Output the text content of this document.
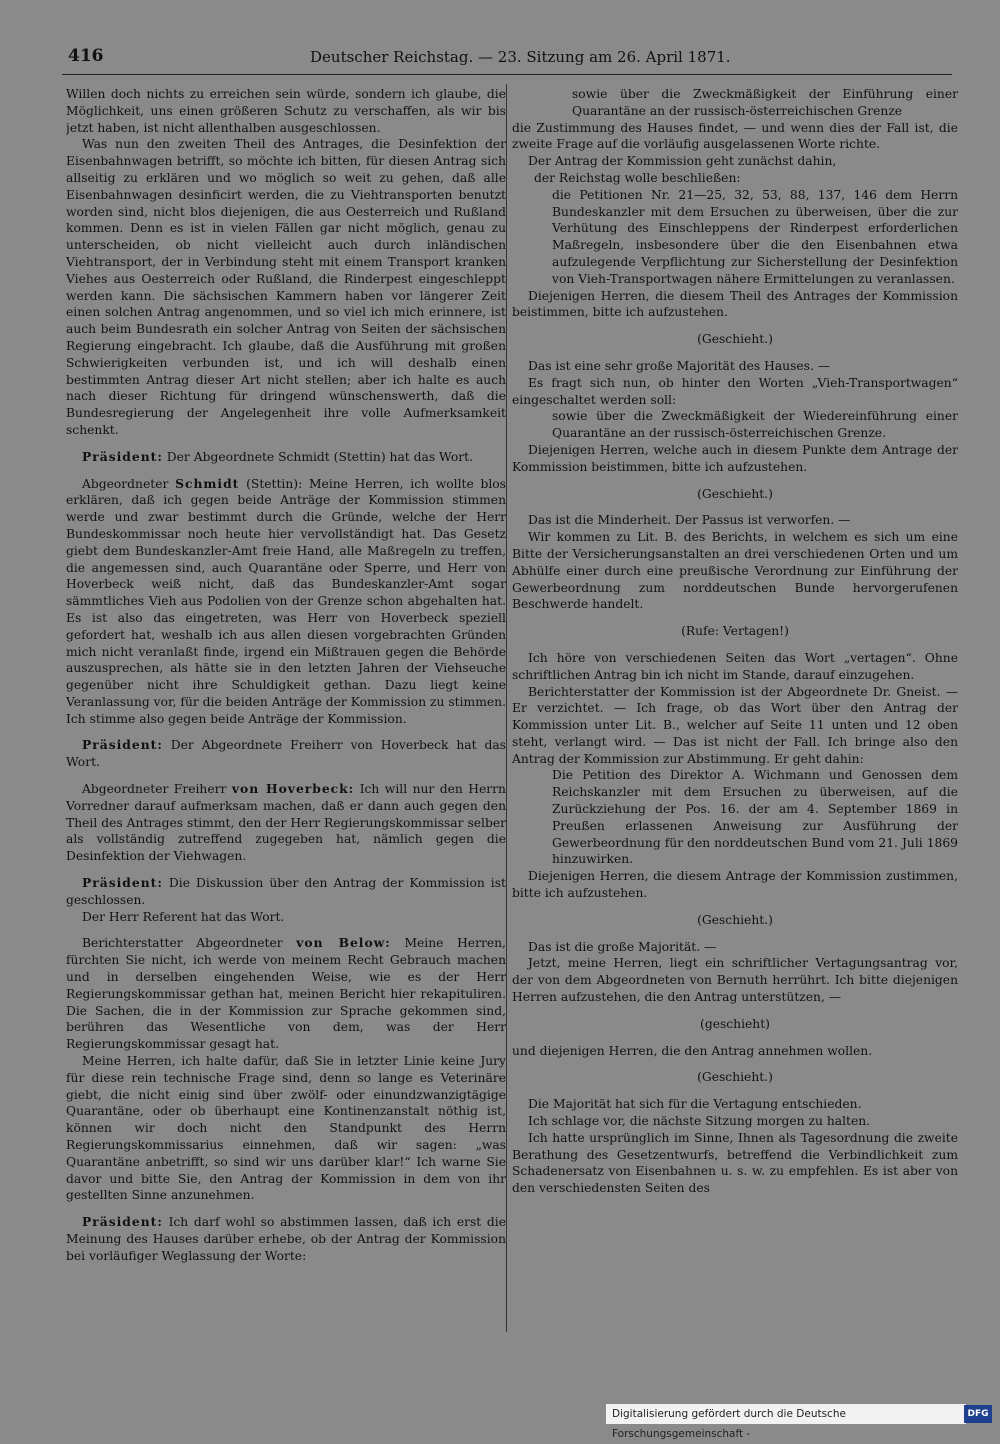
416	Deutscher Reichstag. — 23. Sitzung am 26. April 1871.

Willen doch nichts zu erreichen sein würde, sondern ich glaube, die Möglichkeit, uns einen größeren Schutz zu verschaffen, als wir bis jetzt haben, ist nicht allenthalben ausgeschlossen.

Was nun den zweiten Theil des Antrages, die Desinfektion der Eisenbahnwagen betrifft, so möchte ich bitten, für diesen Antrag sich allseitig zu erklären und wo möglich so weit zu gehen, daß alle Eisenbahnwagen desinficirt werden, die zu Viehtransporten benutzt worden sind, nicht blos diejenigen, die aus Oesterreich und Rußland kommen. Denn es ist in vielen Fällen gar nicht möglich, genau zu unterscheiden, ob nicht vielleicht auch durch inländischen Viehtransport, der in Verbindung steht mit einem Transport kranken Viehes aus Oesterreich oder Rußland, die Rinderpest eingeschleppt werden kann. Die sächsischen Kammern haben vor längerer Zeit einen solchen Antrag angenommen, und so viel ich mich erinnere, ist auch beim Bundesrath ein solcher Antrag von Seiten der sächsischen Regierung eingebracht. Ich glaube, daß die Ausführung mit großen Schwierigkeiten verbunden ist, und ich will deshalb einen bestimmten Antrag dieser Art nicht stellen; aber ich halte es auch nach dieser Richtung für dringend wünschenswerth, daß die Bundesregierung der Angelegenheit ihre volle Aufmerksamkeit schenkt.

Präsident: Der Abgeordnete Schmidt (Stettin) hat das Wort.

Abgeordneter Schmidt (Stettin): Meine Herren, ich wollte blos erklären, daß ich gegen beide Anträge der Kommission stimmen werde und zwar bestimmt durch die Gründe, welche der Herr Bundeskommissar noch heute hier vervollständigt hat. Das Gesetz giebt dem Bundeskanzler-Amt freie Hand, alle Maßregeln zu treffen, die angemessen sind, auch Quarantäne oder Sperre, und Herr von Hoverbeck weiß nicht, daß das Bundeskanzler-Amt sogar sämmtliches Vieh aus Podolien von der Grenze schon abgehalten hat. Es ist also das eingetreten, was Herr von Hoverbeck speziell gefordert hat, weshalb ich aus allen diesen vorgebrachten Gründen mich nicht veranlaßt finde, irgend ein Mißtrauen gegen die Behörde auszusprechen, als hätte sie in den letzten Jahren der Viehseuche gegenüber nicht ihre Schuldigkeit gethan. Dazu liegt keine Veranlassung vor, für die beiden Anträge der Kommission zu stimmen. Ich stimme also gegen beide Anträge der Kommission.

Präsident: Der Abgeordnete Freiherr von Hoverbeck hat das Wort.

Abgeordneter Freiherr von Hoverbeck: Ich will nur den Herrn Vorredner darauf aufmerksam machen, daß er dann auch gegen den Theil des Antrages stimmt, den der Herr Regierungskommissar selber als vollständig zutreffend zugegeben hat, nämlich gegen die Desinfektion der Viehwagen.

Präsident: Die Diskussion über den Antrag der Kommission ist geschlossen.

Der Herr Referent hat das Wort.

Berichterstatter Abgeordneter von Below: Meine Herren, fürchten Sie nicht, ich werde von meinem Recht Gebrauch machen und in derselben eingehenden Weise, wie es der Herr Regierungskommissar gethan hat, meinen Bericht hier rekapituliren. Die Sachen, die in der Kommission zur Sprache gekommen sind, berühren das Wesentliche von dem, was der Herr Regierungskommissar gesagt hat.

Meine Herren, ich halte dafür, daß Sie in letzter Linie keine Jury für diese rein technische Frage sind, denn so lange es Veterinäre giebt, die nicht einig sind über zwölf- oder einundzwanzigtägige Quarantäne, oder ob überhaupt eine Kontinenzanstalt nöthig ist, können wir doch nicht den Standpunkt des Herrn Regierungskommissarius einnehmen, daß wir sagen: „was Quarantäne anbetrifft, so sind wir uns darüber klar!“ Ich warne Sie davor und bitte Sie, den Antrag der Kommission in dem von ihr gestellten Sinne anzunehmen.

Präsident: Ich darf wohl so abstimmen lassen, daß ich erst die Meinung des Hauses darüber erhebe, ob der Antrag der Kommission bei vorläufiger Weglassung der Worte:

sowie über die Zweckmäßigkeit der Einführung einer Quarantäne an der russisch-österreichischen Grenze

die Zustimmung des Hauses findet, — und wenn dies der Fall ist, die zweite Frage auf die vorläufig ausgelassenen Worte richte.

Der Antrag der Kommission geht zunächst dahin,

der Reichstag wolle beschließen:

die Petitionen Nr. 21—25, 32, 53, 88, 137, 146 dem Herrn Bundeskanzler mit dem Ersuchen zu überweisen, über die zur Verhütung des Einschleppens der Rinderpest erforderlichen Maßregeln, insbesondere über die den Eisenbahnen etwa aufzulegende Verpflichtung zur Sicherstellung der Desinfektion von Vieh-Transportwagen nähere Ermittelungen zu veranlassen.

Diejenigen Herren, die diesem Theil des Antrages der Kommission beistimmen, bitte ich aufzustehen.

(Geschieht.)

Das ist eine sehr große Majorität des Hauses. —

Es fragt sich nun, ob hinter den Worten „Vieh-Transportwagen“ eingeschaltet werden soll:

sowie über die Zweckmäßigkeit der Wiedereinführung einer Quarantäne an der russisch-österreichischen Grenze.

Diejenigen Herren, welche auch in diesem Punkte dem Antrage der Kommission beistimmen, bitte ich aufzustehen.

(Geschieht.)

Das ist die Minderheit. Der Passus ist verworfen. —

Wir kommen zu Lit. B. des Berichts, in welchem es sich um eine Bitte der Versicherungsanstalten an drei verschiedenen Orten und um Abhülfe einer durch eine preußische Verordnung zur Einführung der Gewerbeordnung zum norddeutschen Bunde hervorgerufenen Beschwerde handelt.

(Rufe: Vertagen!)

Ich höre von verschiedenen Seiten das Wort „vertagen“. Ohne schriftlichen Antrag bin ich nicht im Stande, darauf einzugehen.

Berichterstatter der Kommission ist der Abgeordnete Dr. Gneist. — Er verzichtet. — Ich frage, ob das Wort über den Antrag der Kommission unter Lit. B., welcher auf Seite 11 unten und 12 oben steht, verlangt wird. — Das ist nicht der Fall. Ich bringe also den Antrag der Kommission zur Abstimmung. Er geht dahin:

Die Petition des Direktor A. Wichmann und Genossen dem Reichskanzler mit dem Ersuchen zu überweisen, auf die Zurückziehung der Pos. 16. der am 4. September 1869 in Preußen erlassenen Anweisung zur Ausführung der Gewerbeordnung für den norddeutschen Bund vom 21. Juli 1869 hinzuwirken.

Diejenigen Herren, die diesem Antrage der Kommission zustimmen, bitte ich aufzustehen.

(Geschieht.)

Das ist die große Majorität. —

Jetzt, meine Herren, liegt ein schriftlicher Vertagungsantrag vor, der von dem Abgeordneten von Bernuth herrührt. Ich bitte diejenigen Herren aufzustehen, die den Antrag unterstützen, —

(geschieht)

und diejenigen Herren, die den Antrag annehmen wollen.

(Geschieht.)

Die Majorität hat sich für die Vertagung entschieden.

Ich schlage vor, die nächste Sitzung morgen zu halten.

Ich hatte ursprünglich im Sinne, Ihnen als Tagesordnung die zweite Berathung des Gesetzentwurfs, betreffend die Verbindlichkeit zum Schadenersatz von Eisenbahnen u. s. w. zu empfehlen. Es ist aber von den verschiedensten Seiten des

Digitalisierung gefördert durch die Deutsche Forschungsgemeinschaft -
DFG
